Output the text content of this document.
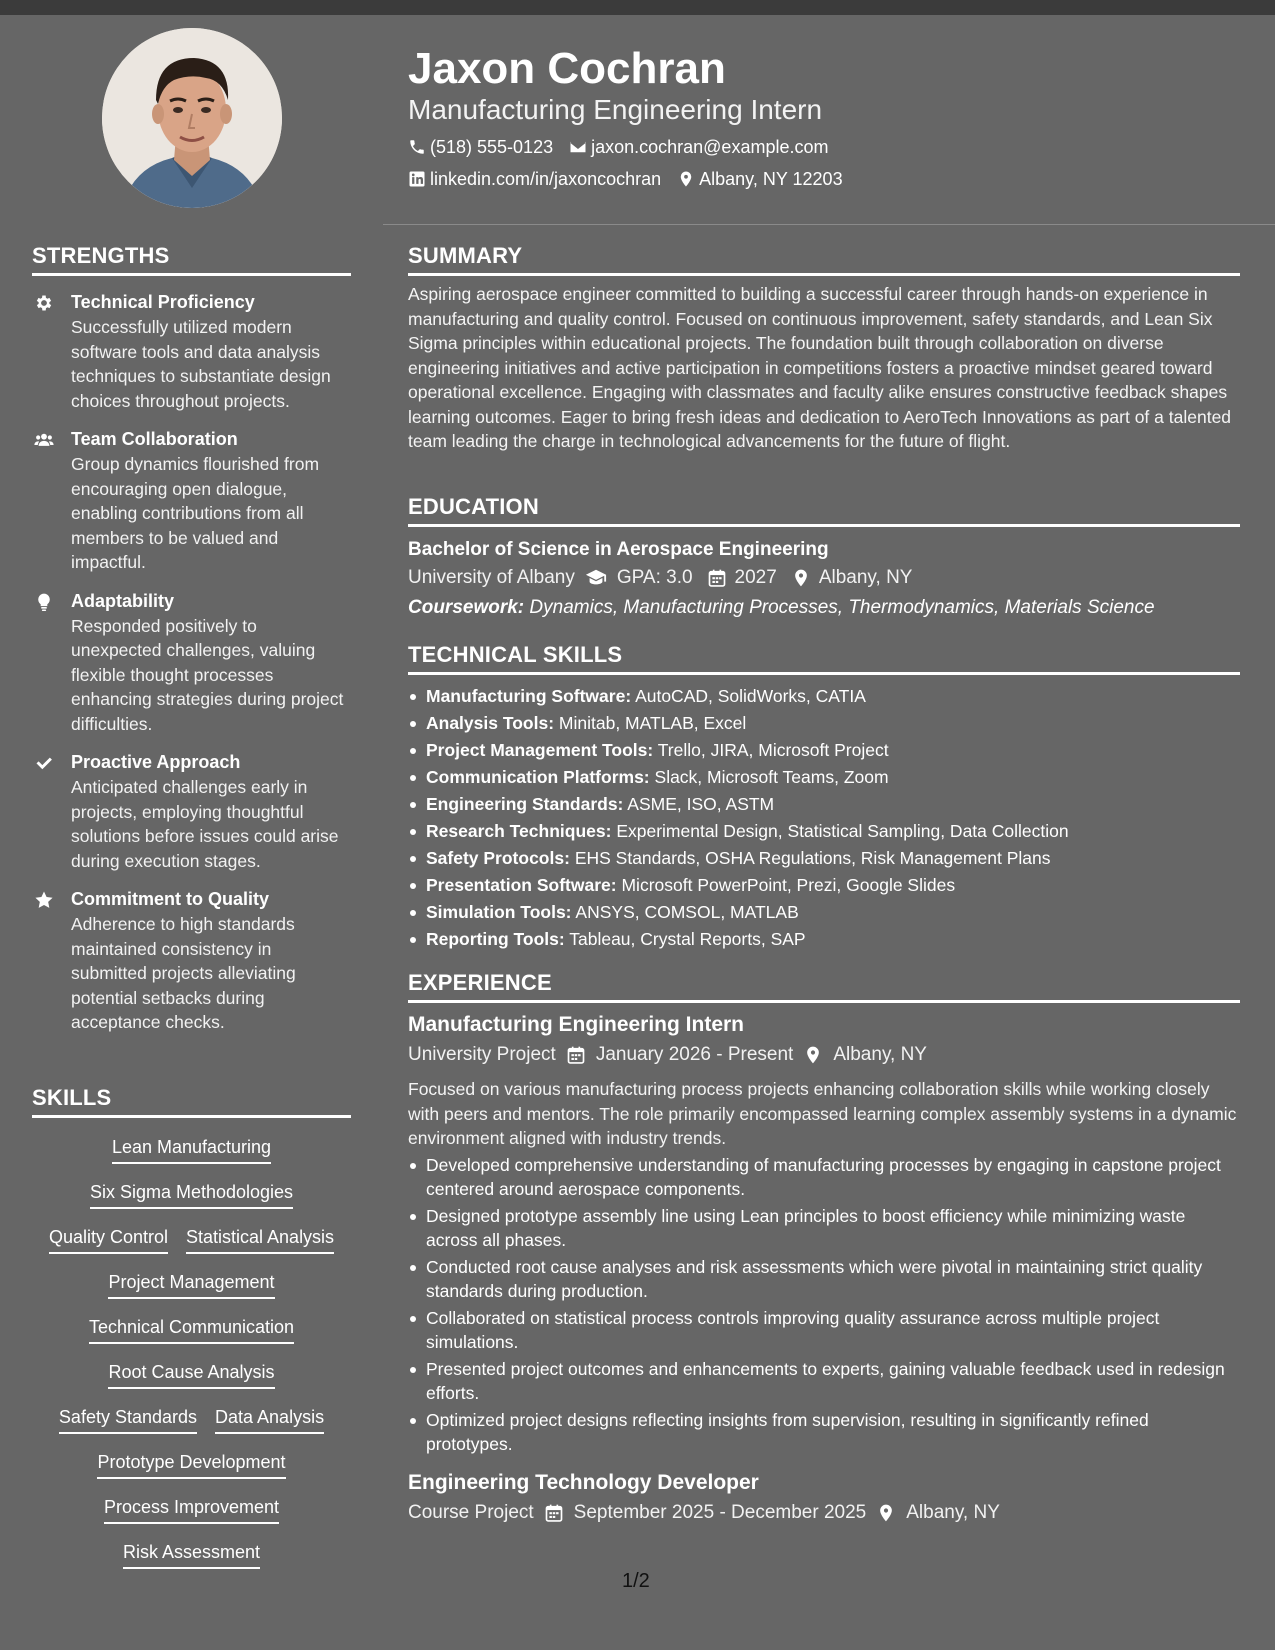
STRENGTHS
Technical Proficiency
Successfully utilized modern software tools and data analysis techniques to substantiate design choices throughout projects.
Team Collaboration
Group dynamics flourished from encouraging open dialogue, enabling contributions from all members to be valued and impactful.
Adaptability
Responded positively to unexpected challenges, valuing flexible thought processes enhancing strategies during project difficulties.
Proactive Approach
Anticipated challenges early in projects, employing thoughtful solutions before issues could arise during execution stages.
Commitment to Quality
Adherence to high standards maintained consistency in submitted projects alleviating potential setbacks during acceptance checks.
SKILLS
Lean Manufacturing
Six Sigma Methodologies
Quality Control Statistical Analysis
Project Management
Technical Communication
Root Cause Analysis
Safety Standards Data Analysis
Prototype Development
Process Improvement
Risk Assessment
Jaxon Cochran
Manufacturing Engineering Intern
(518) 555-0123 jaxon.cochran@example.com
linkedin.com/in/jaxoncochran Albany, NY 12203
SUMMARY
Aspiring aerospace engineer committed to building a successful career through hands-on experience in manufacturing and quality control. Focused on continuous improvement, safety standards, and Lean Six Sigma principles within educational projects. The foundation built through collaboration on diverse engineering initiatives and active participation in competitions fosters a proactive mindset geared toward operational excellence. Engaging with classmates and faculty alike ensures constructive feedback shapes learning outcomes. Eager to bring fresh ideas and dedication to AeroTech Innovations as part of a talented team leading the charge in technological advancements for the future of flight.
EDUCATION
Bachelor of Science in Aerospace Engineering
University of Albany GPA: 3.0 2027 Albany, NY
Coursework: Dynamics, Manufacturing Processes, Thermodynamics, Materials Science
TECHNICAL SKILLS
Manufacturing Software: AutoCAD, SolidWorks, CATIA
Analysis Tools: Minitab, MATLAB, Excel
Project Management Tools: Trello, JIRA, Microsoft Project
Communication Platforms: Slack, Microsoft Teams, Zoom
Engineering Standards: ASME, ISO, ASTM
Research Techniques: Experimental Design, Statistical Sampling, Data Collection
Safety Protocols: EHS Standards, OSHA Regulations, Risk Management Plans
Presentation Software: Microsoft PowerPoint, Prezi, Google Slides
Simulation Tools: ANSYS, COMSOL, MATLAB
Reporting Tools: Tableau, Crystal Reports, SAP
EXPERIENCE
Manufacturing Engineering Intern
University Project January 2026 - Present Albany, NY
Focused on various manufacturing process projects enhancing collaboration skills while working closely with peers and mentors. The role primarily encompassed learning complex assembly systems in a dynamic environment aligned with industry trends.
Developed comprehensive understanding of manufacturing processes by engaging in capstone project centered around aerospace components.
Designed prototype assembly line using Lean principles to boost efficiency while minimizing waste across all phases.
Conducted root cause analyses and risk assessments which were pivotal in maintaining strict quality standards during production.
Collaborated on statistical process controls improving quality assurance across multiple project simulations.
Presented project outcomes and enhancements to experts, gaining valuable feedback used in redesign efforts.
Optimized project designs reflecting insights from supervision, resulting in significantly refined prototypes.
Engineering Technology Developer
Course Project September 2025 - December 2025 Albany, NY
1/2
